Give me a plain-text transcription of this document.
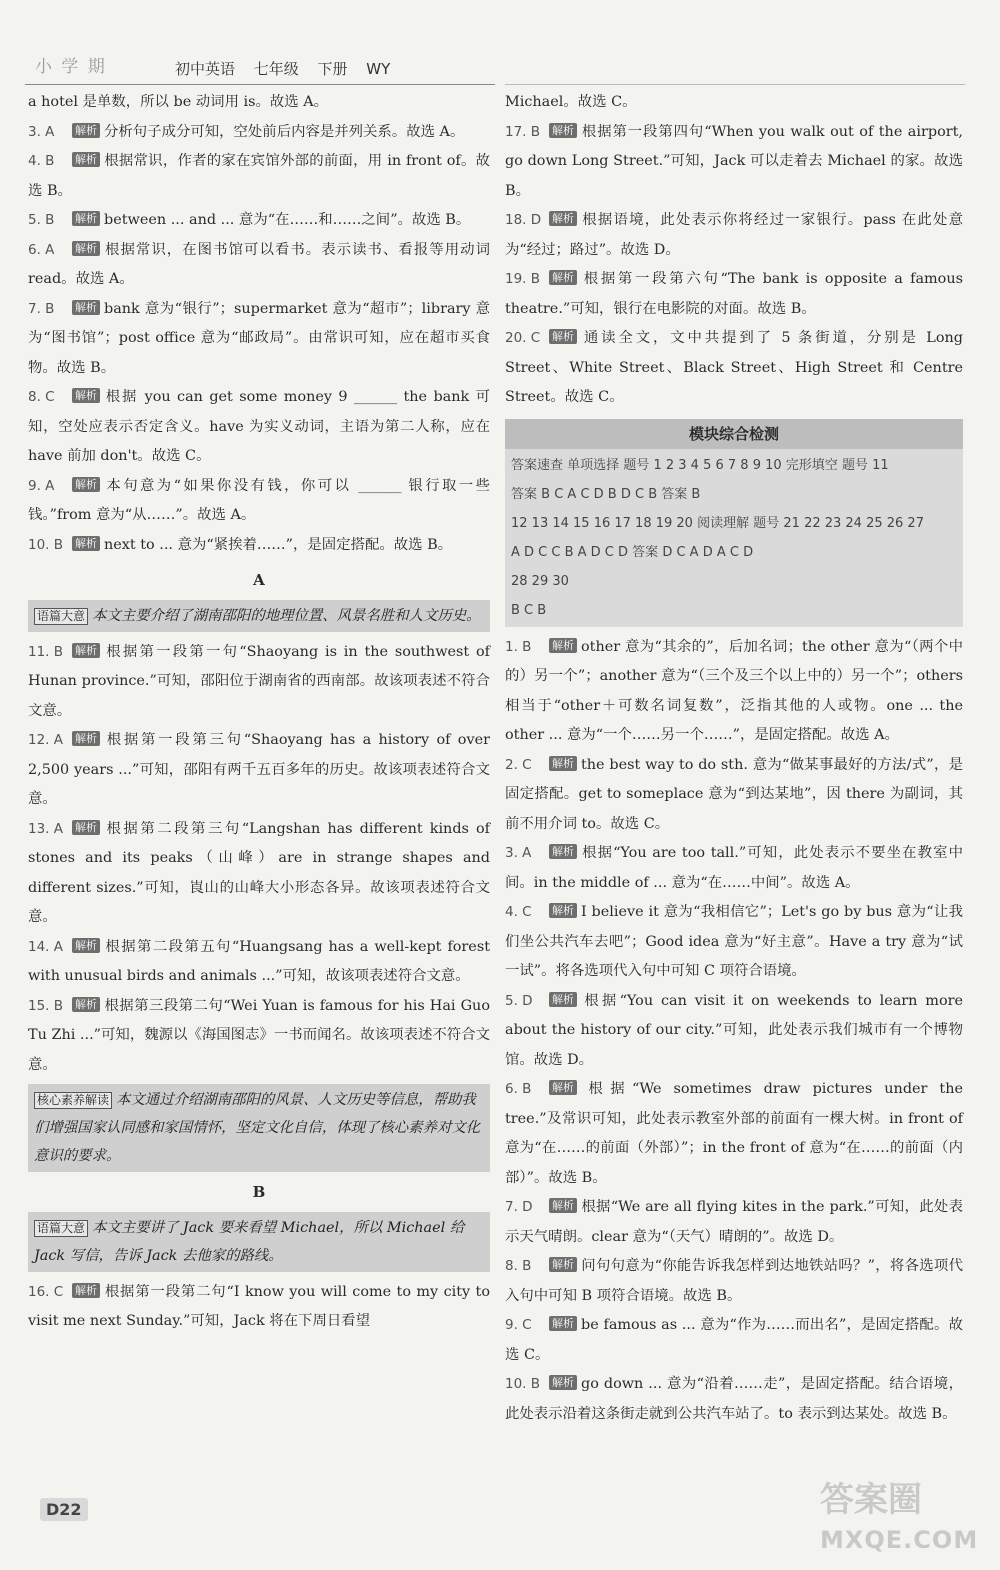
小 学 期	初中英语 七年级 下册 WY
a hotel 是单数，所以 be 动词用 is。故选 A。
3. A 解析 分析句子成分可知，空处前后内容是并列关系。故选 A。
4. B 解析 根据常识，作者的家在宾馆外部的前面，用 in front of。故选 B。
5. B 解析 between ... and ... 意为“在……和……之间”。故选 B。
6. A 解析 根据常识，在图书馆可以看书。表示读书、看报等用动词 read。故选 A。
7. B 解析 bank 意为“银行”；supermarket 意为“超市”；library 意为“图书馆”；post office 意为“邮政局”。由常识可知，应在超市买食物。故选 B。
8. C 解析 根据 you can get some money 9 ______ the bank 可知，空处应表示否定含义。have 为实义动词，主语为第二人称，应在 have 前加 don't。故选 C。
9. A 解析 本句意为“如果你没有钱，你可以 ______ 银行取一些钱。”from 意为“从……”。故选 A。
10. B 解析 next to ... 意为“紧挨着……”，是固定搭配。故选 B。
A
语篇大意 本文主要介绍了湖南邵阳的地理位置、风景名胜和人文历史。
11. B 解析 根据第一段第一句“Shaoyang is in the southwest of Hunan province.”可知，邵阳位于湖南省的西南部。故该项表述不符合文意。
12. A 解析 根据第一段第三句“Shaoyang has a history of over 2,500 years ...”可知，邵阳有两千五百多年的历史。故该项表述符合文意。
13. A 解析 根据第二段第三句“Langshan has different kinds of stones and its peaks（山峰）are in strange shapes and different sizes.”可知，崀山的山峰大小形态各异。故该项表述符合文意。
14. A 解析 根据第二段第五句“Huangsang has a well-kept forest with unusual birds and animals ...”可知，故该项表述符合文意。
15. B 解析 根据第三段第二句“Wei Yuan is famous for his Hai Guo Tu Zhi ...”可知，魏源以《海国图志》一书而闻名。故该项表述不符合文意。
核心素养解读 本文通过介绍湖南邵阳的风景、人文历史等信息，帮助我们增强国家认同感和家国情怀，坚定文化自信，体现了核心素养对文化意识的要求。
B
语篇大意 本文主要讲了 Jack 要来看望 Michael，所以 Michael 给 Jack 写信，告诉 Jack 去他家的路线。
16. C 解析 根据第一段第二句“I know you will come to my city to visit me next Sunday.”可知，Jack 将在下周日看望
Michael。故选 C。
17. B 解析 根据第一段第四句“When you walk out of the airport, go down Long Street.”可知，Jack 可以走着去 Michael 的家。故选 B。
18. D 解析 根据语境，此处表示你将经过一家银行。pass 在此处意为“经过；路过”。故选 D。
19. B 解析 根据第一段第六句“The bank is opposite a famous theatre.”可知，银行在电影院的对面。故选 B。
20. C 解析 通读全文，文中共提到了 5 条街道，分别是 Long Street、White Street、Black Street、High Street 和 Centre Street。故选 C。
模块综合检测
答案速查 单项选择 题号 1 2 3 4 5 6 7 8 9 10 完形填空 题号 11
答案 B C A C D B D C B 答案 B
12 13 14 15 16 17 18 19 20 阅读理解 题号 21 22 23 24 25 26 27
A D C C B A D C D 答案 D C A D A C D
28 29 30
B C B
1. B 解析 other 意为“其余的”，后加名词；the other 意为“（两个中的）另一个”；another 意为“（三个及三个以上中的）另一个”；others 相当于“other＋可数名词复数”，泛指其他的人或物。one ... the other ... 意为“一个……另一个……”，是固定搭配。故选 A。
2. C 解析 the best way to do sth. 意为“做某事最好的方法/式”，是固定搭配。get to someplace 意为“到达某地”，因 there 为副词，其前不用介词 to。故选 C。
3. A 解析 根据“You are too tall.”可知，此处表示不要坐在教室中间。in the middle of ... 意为“在……中间”。故选 A。
4. C 解析 I believe it 意为“我相信它”；Let's go by bus 意为“让我们坐公共汽车去吧”；Good idea 意为“好主意”。Have a try 意为“试一试”。将各选项代入句中可知 C 项符合语境。
5. D 解析 根据“You can visit it on weekends to learn more about the history of our city.”可知，此处表示我们城市有一个博物馆。故选 D。
6. B 解析 根据“We sometimes draw pictures under the tree.”及常识可知，此处表示教室外部的前面有一棵大树。in front of 意为“在……的前面（外部）”；in the front of 意为“在……的前面（内部）”。故选 B。
7. D 解析 根据“We are all flying kites in the park.”可知，此处表示天气晴朗。clear 意为“（天气）晴朗的”。故选 D。
8. B 解析 问句句意为“你能告诉我怎样到达地铁站吗？”，将各选项代入句中可知 B 项符合语境。故选 B。
9. C 解析 be famous as ... 意为“作为……而出名”，是固定搭配。故选 C。
10. B 解析 go down ... 意为“沿着……走”，是固定搭配。结合语境，此处表示沿着这条街走就到公共汽车站了。to 表示到达某处。故选 B。
D22	答案圈
MXQE.COM
